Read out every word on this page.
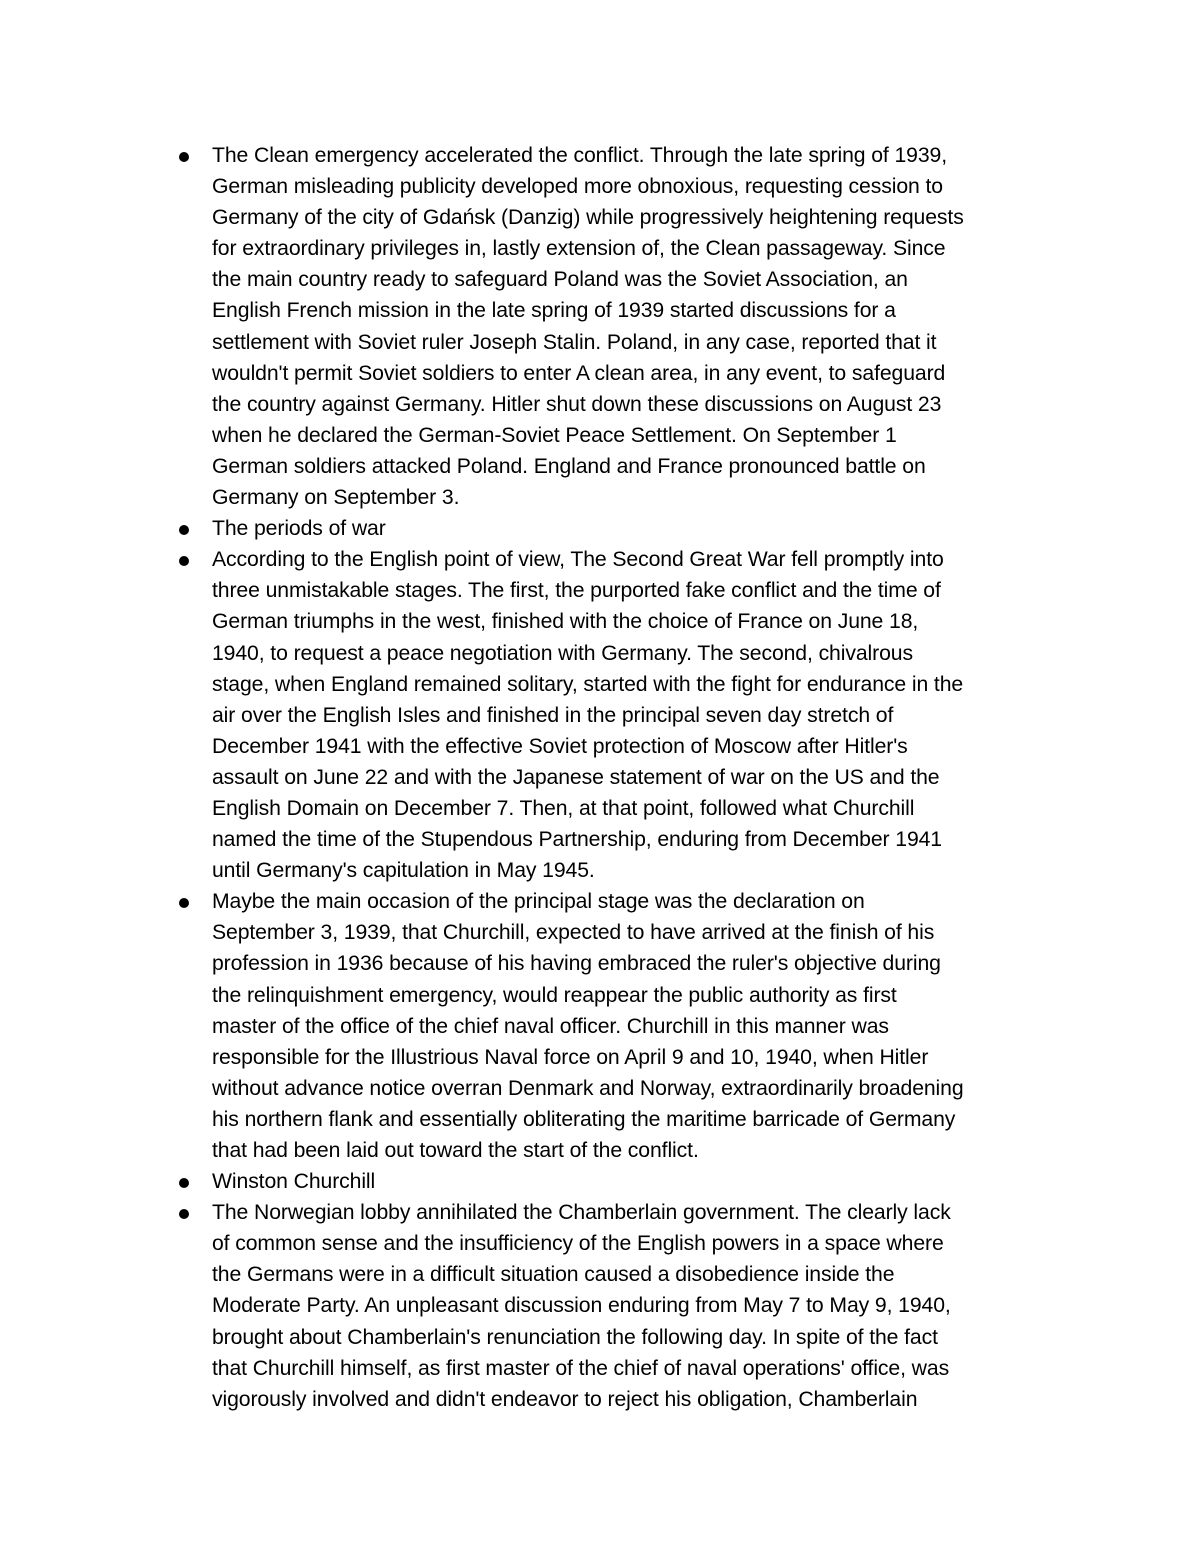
The Clean emergency accelerated the conflict. Through the late spring of 1939,
German misleading publicity developed more obnoxious, requesting cession to
Germany of the city of Gdańsk (Danzig) while progressively heightening requests
for extraordinary privileges in, lastly extension of, the Clean passageway. Since
the main country ready to safeguard Poland was the Soviet Association, an
English French mission in the late spring of 1939 started discussions for a
settlement with Soviet ruler Joseph Stalin. Poland, in any case, reported that it
wouldn't permit Soviet soldiers to enter A clean area, in any event, to safeguard
the country against Germany. Hitler shut down these discussions on August 23
when he declared the German-Soviet Peace Settlement. On September 1
German soldiers attacked Poland. England and France pronounced battle on
Germany on September 3.
The periods of war
According to the English point of view, The Second Great War fell promptly into
three unmistakable stages. The first, the purported fake conflict and the time of
German triumphs in the west, finished with the choice of France on June 18,
1940, to request a peace negotiation with Germany. The second, chivalrous
stage, when England remained solitary, started with the fight for endurance in the
air over the English Isles and finished in the principal seven day stretch of
December 1941 with the effective Soviet protection of Moscow after Hitler's
assault on June 22 and with the Japanese statement of war on the US and the
English Domain on December 7. Then, at that point, followed what Churchill
named the time of the Stupendous Partnership, enduring from December 1941
until Germany's capitulation in May 1945.
Maybe the main occasion of the principal stage was the declaration on
September 3, 1939, that Churchill, expected to have arrived at the finish of his
profession in 1936 because of his having embraced the ruler's objective during
the relinquishment emergency, would reappear the public authority as first
master of the office of the chief naval officer. Churchill in this manner was
responsible for the Illustrious Naval force on April 9 and 10, 1940, when Hitler
without advance notice overran Denmark and Norway, extraordinarily broadening
his northern flank and essentially obliterating the maritime barricade of Germany
that had been laid out toward the start of the conflict.
Winston Churchill
The Norwegian lobby annihilated the Chamberlain government. The clearly lack
of common sense and the insufficiency of the English powers in a space where
the Germans were in a difficult situation caused a disobedience inside the
Moderate Party. An unpleasant discussion enduring from May 7 to May 9, 1940,
brought about Chamberlain's renunciation the following day. In spite of the fact
that Churchill himself, as first master of the chief of naval operations' office, was
vigorously involved and didn't endeavor to reject his obligation, Chamberlain
